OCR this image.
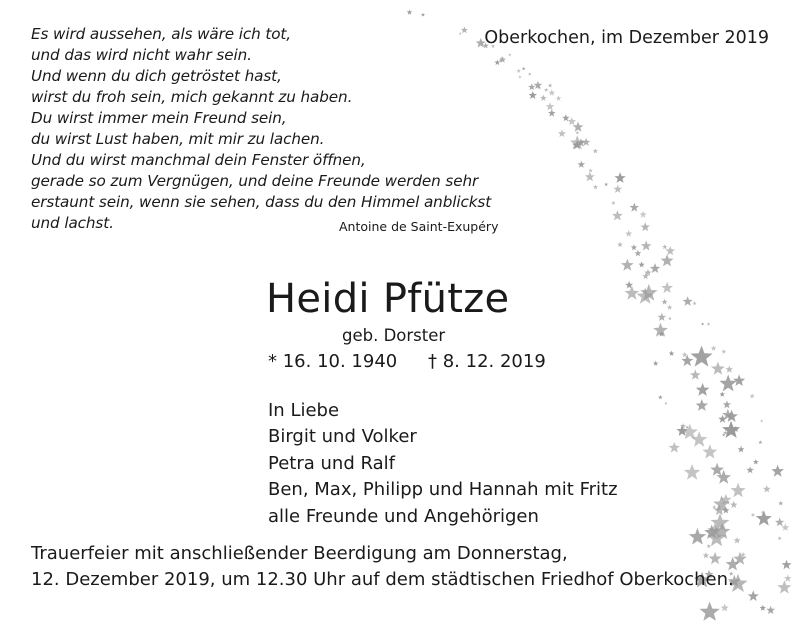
Es wird aussehen, als wäre ich tot,
und das wird nicht wahr sein.
Und wenn du dich getröstet hast,
wirst du froh sein, mich gekannt zu haben.
Du wirst immer mein Freund sein,
du wirst Lust haben, mit mir zu lachen.
Und du wirst manchmal dein Fenster öffnen,
gerade so zum Vergnügen, und deine Freunde werden sehr
erstaunt sein, wenn sie sehen, dass du den Himmel anblickst
und lachst.	Antoine de Saint-Exupéry
Oberkochen, im Dezember 2019
Heidi Pfütze
geb. Dorster
* 16. 10. 1940 † 8. 12. 2019
In Liebe
Birgit und Volker
Petra und Ralf
Ben, Max, Philipp und Hannah mit Fritz
alle Freunde und Angehörigen
Trauerfeier mit anschließender Beerdigung am Donnerstag,
12. Dezember 2019, um 12.30 Uhr auf dem städtischen Friedhof Oberkochen.
